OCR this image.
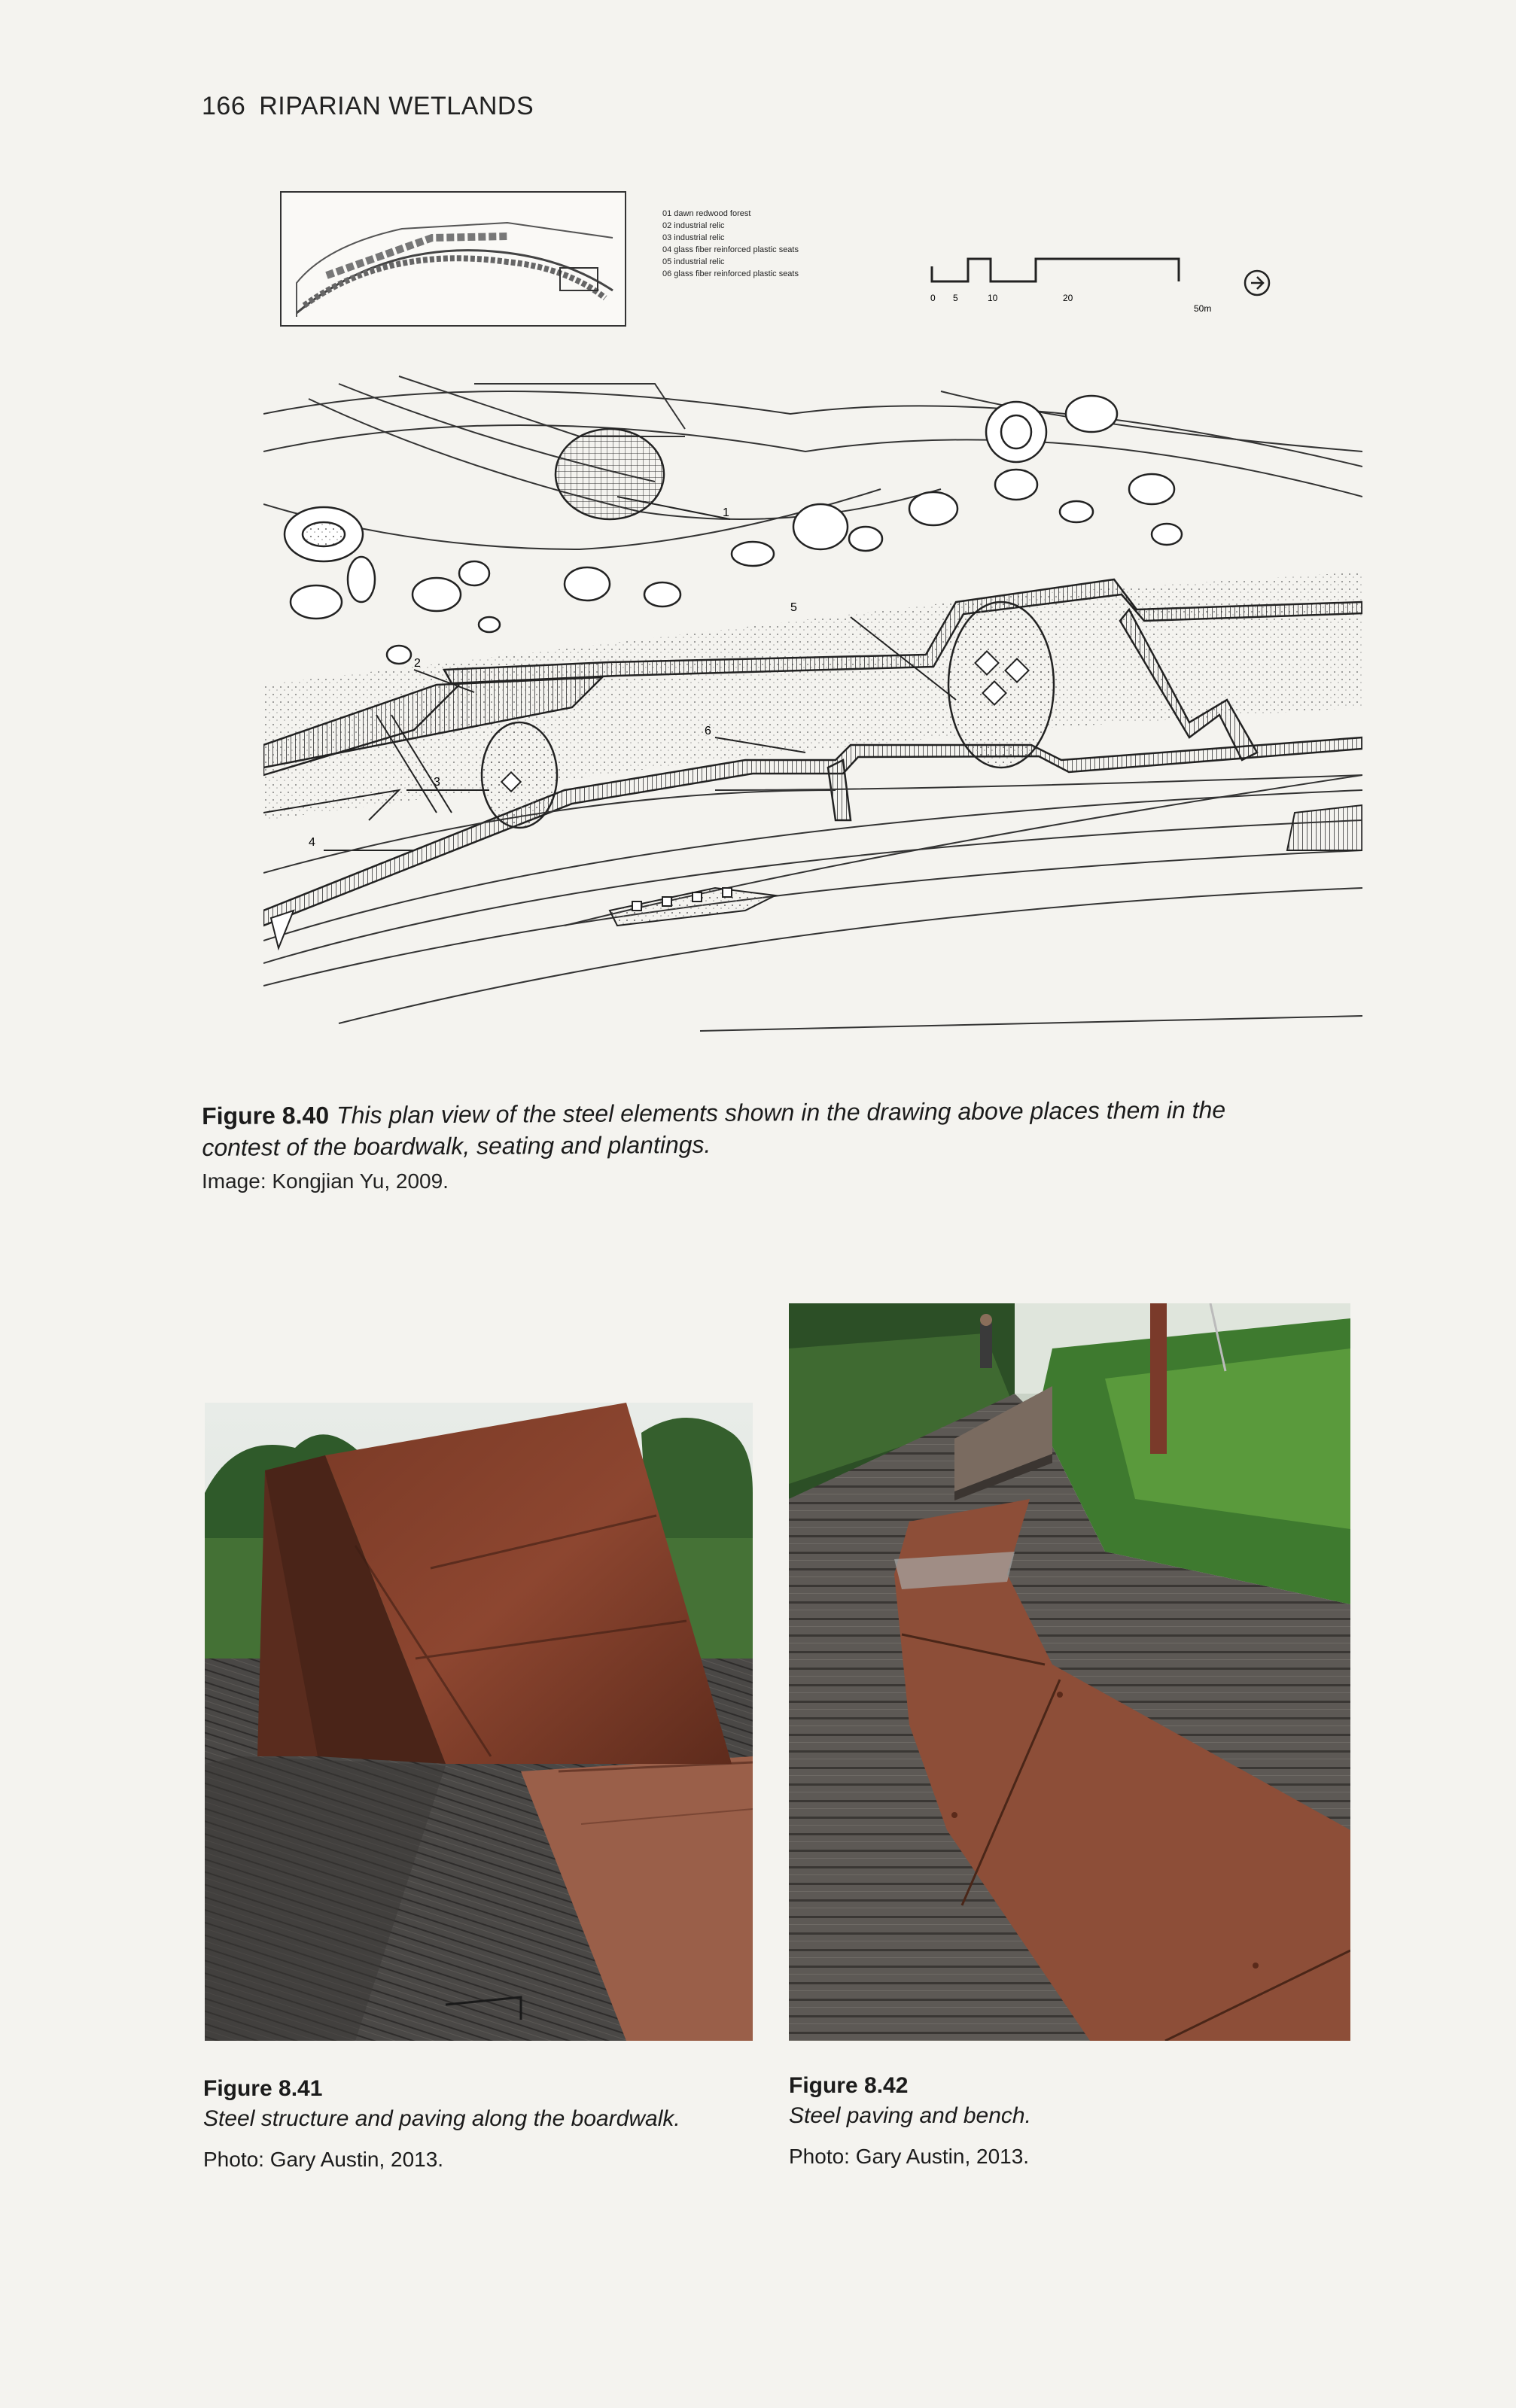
166 RIPARIAN WETLANDS
01 dawn redwood forest
02 industrial relic
03 industrial relic
04 glass fiber reinforced plastic seats
05 industrial relic
06 glass fiber reinforced plastic seats
0 5	10	20
50m
1
5
3
4
2
6
Figure 8.40 This plan view of the steel elements shown in the drawing above places them in the contest of the boardwalk, seating and plantings.
Image: Kongjian Yu, 2009.
Figure 8.41
Steel structure and paving along the boardwalk.
Photo: Gary Austin, 2013.
Figure 8.42
Steel paving and bench.
Photo: Gary Austin, 2013.
